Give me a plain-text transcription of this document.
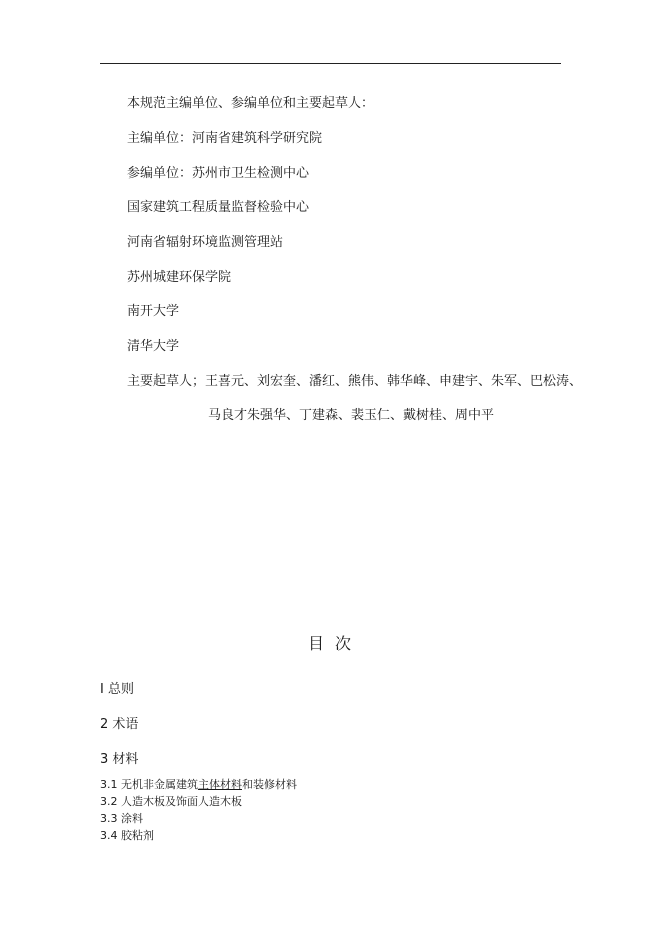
本规范主编单位、参编单位和主要起草人：
主编单位：河南省建筑科学研究院
参编单位：苏州市卫生检测中心
国家建筑工程质量监督检验中心
河南省辐射环境监测管理站
苏州城建环保学院
南开大学
清华大学
主要起草人；王喜元、刘宏奎、潘红、熊伟、韩华峰、申建宇、朱军、巴松涛、
马良才朱强华、丁建森、裴玉仁、戴树桂、周中平
目 次
I 总则
2 术语
3 材料
3.1 无机非金属建筑主体材料和装修材料
3.2 人造木板及饰面人造木板
3.3 涂料
3.4 胶粘剂
